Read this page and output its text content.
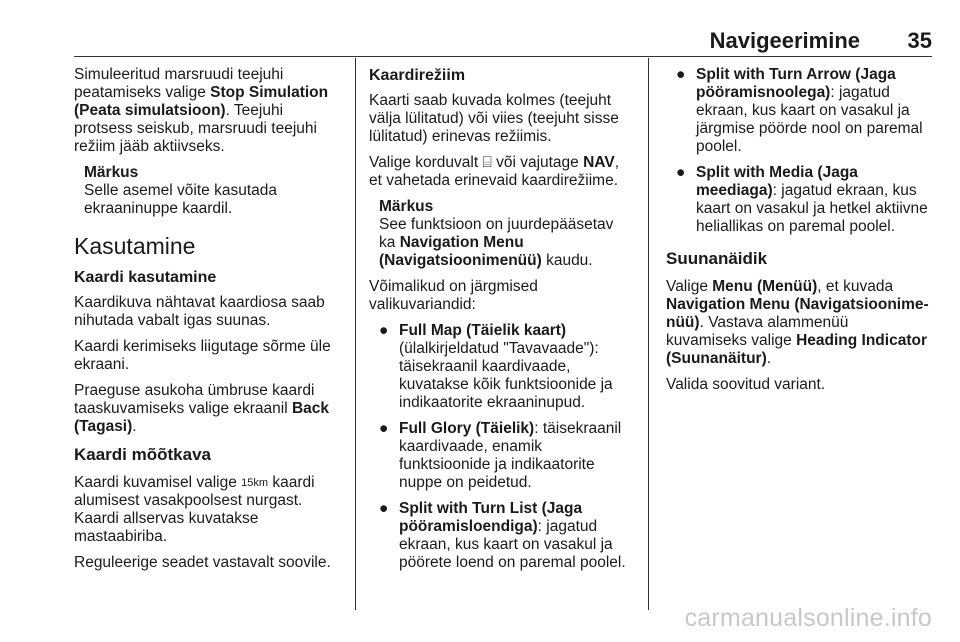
Navigeerimine 35

Simuleeritud marsruudi teejuhi peatamiseks valige Stop Simulation (Peata simulatsioon). Teejuhi protsess seiskub, marsruudi teejuhi režiim jääb aktiivseks.

Märkus
Selle asemel võite kasutada ekraaninuppe kaardil.
Kasutamine
Kaardi kasutamine

Kaardikuva nähtavat kaardiosa saab nihutada vabalt igas suunas.

Kaardi kerimiseks liigutage sõrme üle ekraani.

Praeguse asukoha ümbruse kaardi taaskuvamiseks valige ekraanil Back (Tagasi).

Kaardi mõõtkava

Kaardi kuvamisel valige 15km kaardi alumisest vasakpoolsest nurgast. Kaardi allservas kuvatakse mastaabiriba.

Reguleerige seadet vastavalt soovile.

Kaardirežiim

Kaarti saab kuvada kolmes (teejuht välja lülitatud) või viies (teejuht sisse lülitatud) erinevas režiimis.

Valige korduvalt ⌸ või vajutage NAV, et vahetada erinevaid kaardirežiime.

Märkus
See funktsioon on juurdepääsetav ka Navigation Menu (Navigatsioonimenüü) kaudu.

Võimalikud on järgmised valikuvariandid:

● Full Map (Täielik kaart) (ülalkirjeldatud "Tavavaade"): täisekraanil kaardivaade, kuvatakse kõik funktsioonide ja indikaatorite ekraaninupud.
● Full Glory (Täielik): täisekraanil kaardivaade, enamik funktsioonide ja indikaatorite nuppe on peidetud.
● Split with Turn List (Jaga pööramisloendiga): jagatud ekraan, kus kaart on vasakul ja pöörete loend on paremal poolel.
● Split with Turn Arrow (Jaga pööramisnoolega): jagatud ekraan, kus kaart on vasakul ja järgmise pöörde nool on paremal poolel.
● Split with Media (Jaga meediaga): jagatud ekraan, kus kaart on vasakul ja hetkel aktiivne heliallikas on paremal poolel.
Suunanäidik

Valige Menu (Menüü), et kuvada Navigation Menu (Navigatsioonimenüü). Vastava alammenüü kuvamiseks valige Heading Indicator (Suunanäitur).

Valida soovitud variant.

carmanualsonline.info
